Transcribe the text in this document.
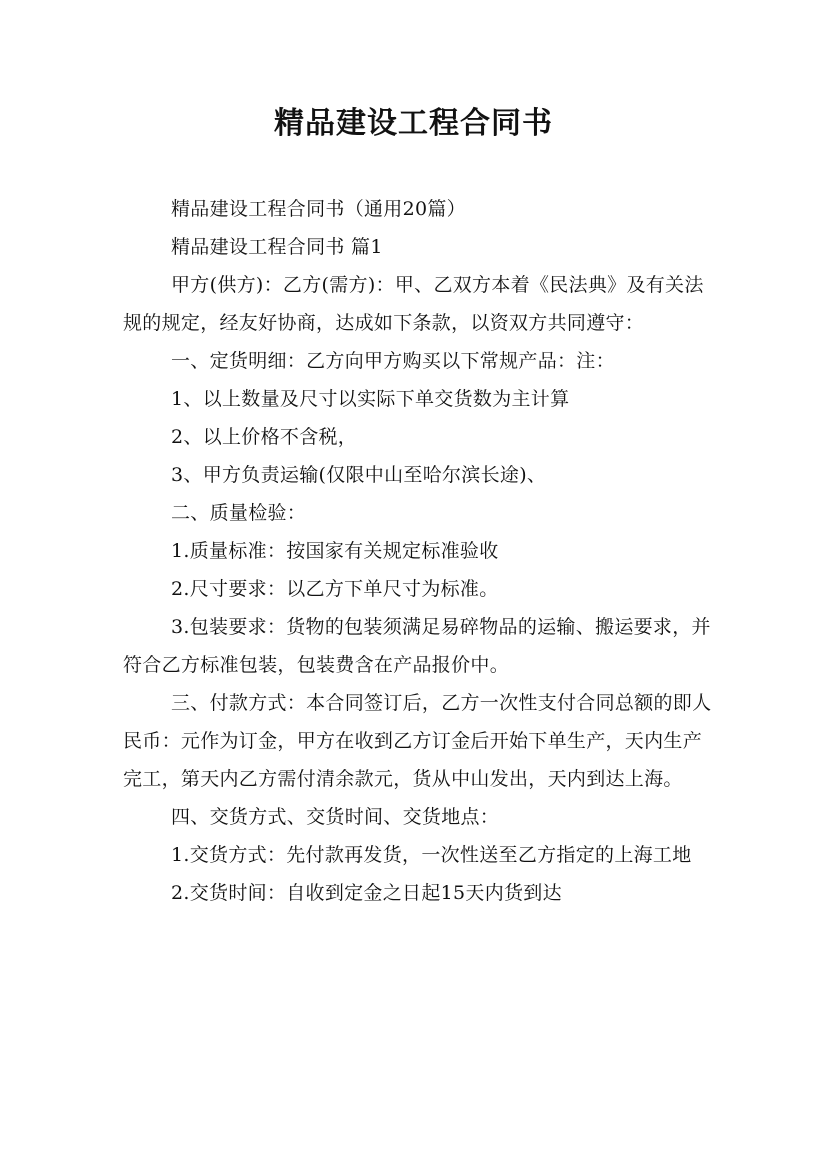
精品建设工程合同书

精品建设工程合同书（通用20篇）

精品建设工程合同书 篇1

甲方(供方)：乙方(需方)：甲、乙双方本着《民法典》及有关法规的规定，经友好协商，达成如下条款，以资双方共同遵守：

一、定货明细：乙方向甲方购买以下常规产品：注：

1、以上数量及尺寸以实际下单交货数为主计算

2、以上价格不含税，

3、甲方负责运输(仅限中山至哈尔滨长途)、

二、质量检验：

1.质量标准：按国家有关规定标准验收

2.尺寸要求：以乙方下单尺寸为标准。

3.包装要求：货物的包装须满足易碎物品的运输、搬运要求，并符合乙方标准包装，包装费含在产品报价中。

三、付款方式：本合同签订后，乙方一次性支付合同总额的即人民币：元作为订金，甲方在收到乙方订金后开始下单生产，天内生产完工，第天内乙方需付清余款元，货从中山发出，天内到达上海。

四、交货方式、交货时间、交货地点：

1.交货方式：先付款再发货，一次性送至乙方指定的上海工地

2.交货时间：自收到定金之日起15天内货到达
